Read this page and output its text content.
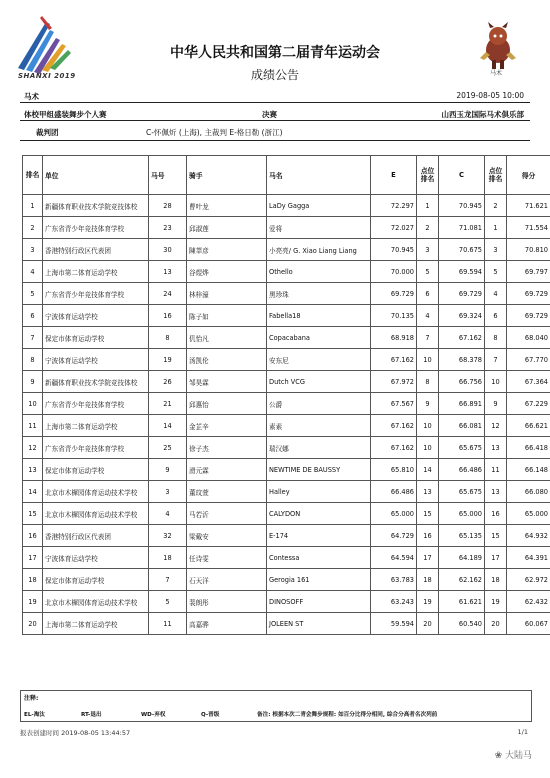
SHANXI 2019	马术
中华人民共和国第二届青年运动会
成绩公告
马术	2019-08-05 10:00
体校甲组盛装舞步个人赛	决赛	山西玉龙国际马术俱乐部
裁判团	C-怀佩炘 (上海), 主裁判 E-格日勒 (浙江)
排名	单位	马号	骑手	马名	E	点位排名	C	点位排名	得分
1	新疆体育职业技术学院竞技体校	28	曹叶龙	LaDy Gagga	72.297	1	70.945	2	71.621
2	广东省青少年竞技体育学校	23	邱淑莲	爱将	72.027	2	71.081	1	71.554
3	香港特别行政区代表团	30	陳莘彦	小亮亮/ G. Xiao Liang Liang	70.945	3	70.675	3	70.810
4	上海市第二体育运动学校	13	谷煜烨	Othello	70.000	5	69.594	5	69.797
5	广东省青少年竞技体育学校	24	林梓濠	黑珍珠	69.729	6	69.729	4	69.729
6	宁波体育运动学校	16	陈子如	Fabella18	70.135	4	69.324	6	69.729
7	保定市体育运动学校	8	仉怡凡	Copacabana	68.918	7	67.162	8	68.040
8	宁波体育运动学校	19	汤凯伦	安东尼	67.162	10	68.378	7	67.770
9	新疆体育职业技术学院竞技体校	26	邹昊霖	Dutch VCG	67.972	8	66.756	10	67.364
10	广东省青少年竞技体育学校	21	邱惠怡	公爵	67.567	9	66.891	9	67.229
11	上海市第二体育运动学校	14	金芷辛	素素	67.162	10	66.081	12	66.621
12	广东省青少年竞技体育学校	25	徐子杰	瑞汉娜	67.162	10	65.675	13	66.418
13	保定市体育运动学校	9	滑元霖	NEWTIME DE BAUSSY	65.810	14	66.486	11	66.148
14	北京市木樨园体育运动技术学校	3	董玟萱	Halley	66.486	13	65.675	13	66.080
15	北京市木樨园体育运动技术学校	4	马若沂	CALYDON	65.000	15	65.000	16	65.000
16	香港特别行政区代表团	32	梁戴安	E-174	64.729	16	65.135	15	64.932
17	宁波体育运动学校	18	任诗雯	Contessa	64.594	17	64.189	17	64.391
18	保定市体育运动学校	7	石天洋	Gerogia 161	63.783	18	62.162	18	62.972
19	北京市木樨园体育运动技术学校	5	裴朗彤	DINOSOFF	63.243	19	61.621	19	62.432
20	上海市第二体育运动学校	11	高嘉骅	JOLEEN ST	59.594	20	60.540	20	60.067
注释:
EL-淘汰	RT-退出	WD-弃权	Q-晋级	备注: 根据本次二青会舞步规程: 如百分比得分相同, 综合分高者名次列前
报表创建时间 2019-08-05 13:44:57	1/1
❀ 大陆马
